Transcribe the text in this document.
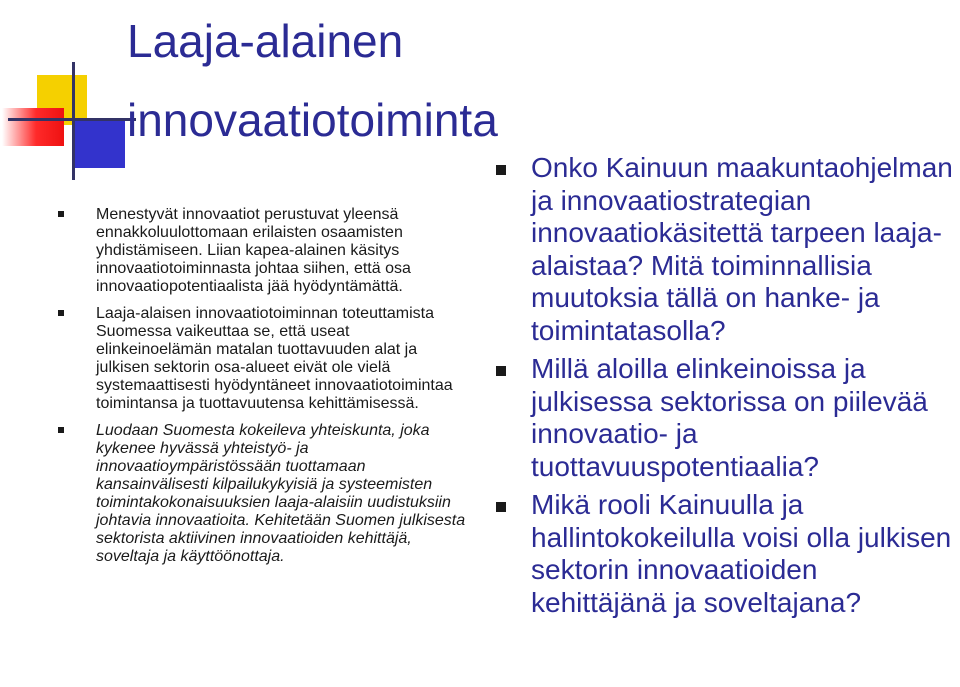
Laaja-alainen
innovaatiotoiminta
Menestyvät innovaatiot perustuvat yleensä ennakkoluulottomaan erilaisten osaamisten yhdistämiseen. Liian kapea-alainen käsitys innovaatiotoiminnasta johtaa siihen, että osa innovaatiopotentiaalista jää hyödyntämättä.
Laaja-alaisen innovaatiotoiminnan toteuttamista Suomessa vaikeuttaa se, että useat elinkeinoelämän matalan tuottavuuden alat ja julkisen sektorin osa-alueet eivät ole vielä systemaattisesti hyödyntäneet innovaatiotoimintaa toimintansa ja tuottavuutensa kehittämisessä.
Luodaan Suomesta kokeileva yhteiskunta, joka kykenee hyvässä yhteistyö- ja innovaatioympäristössään tuottamaan kansainvälisesti kilpailukykyisiä ja systeemisten toimintakokonaisuuksien laaja-alaisiin uudistuksiin johtavia innovaatioita. Kehitetään Suomen julkisesta sektorista aktiivinen innovaatioiden kehittäjä, soveltaja ja käyttöönottaja.
Onko Kainuun maakuntaohjelman ja innovaatiostrategian innovaatiokäsitettä tarpeen laaja-alaistaa? Mitä toiminnallisia muutoksia tällä on hanke- ja toimintatasolla?
Millä aloilla elinkeinoissa ja julkisessa sektorissa on piilevää innovaatio- ja tuottavuuspotentiaalia?
Mikä rooli Kainuulla ja hallintokokeilulla voisi olla julkisen sektorin innovaatioiden kehittäjänä ja soveltajana?
